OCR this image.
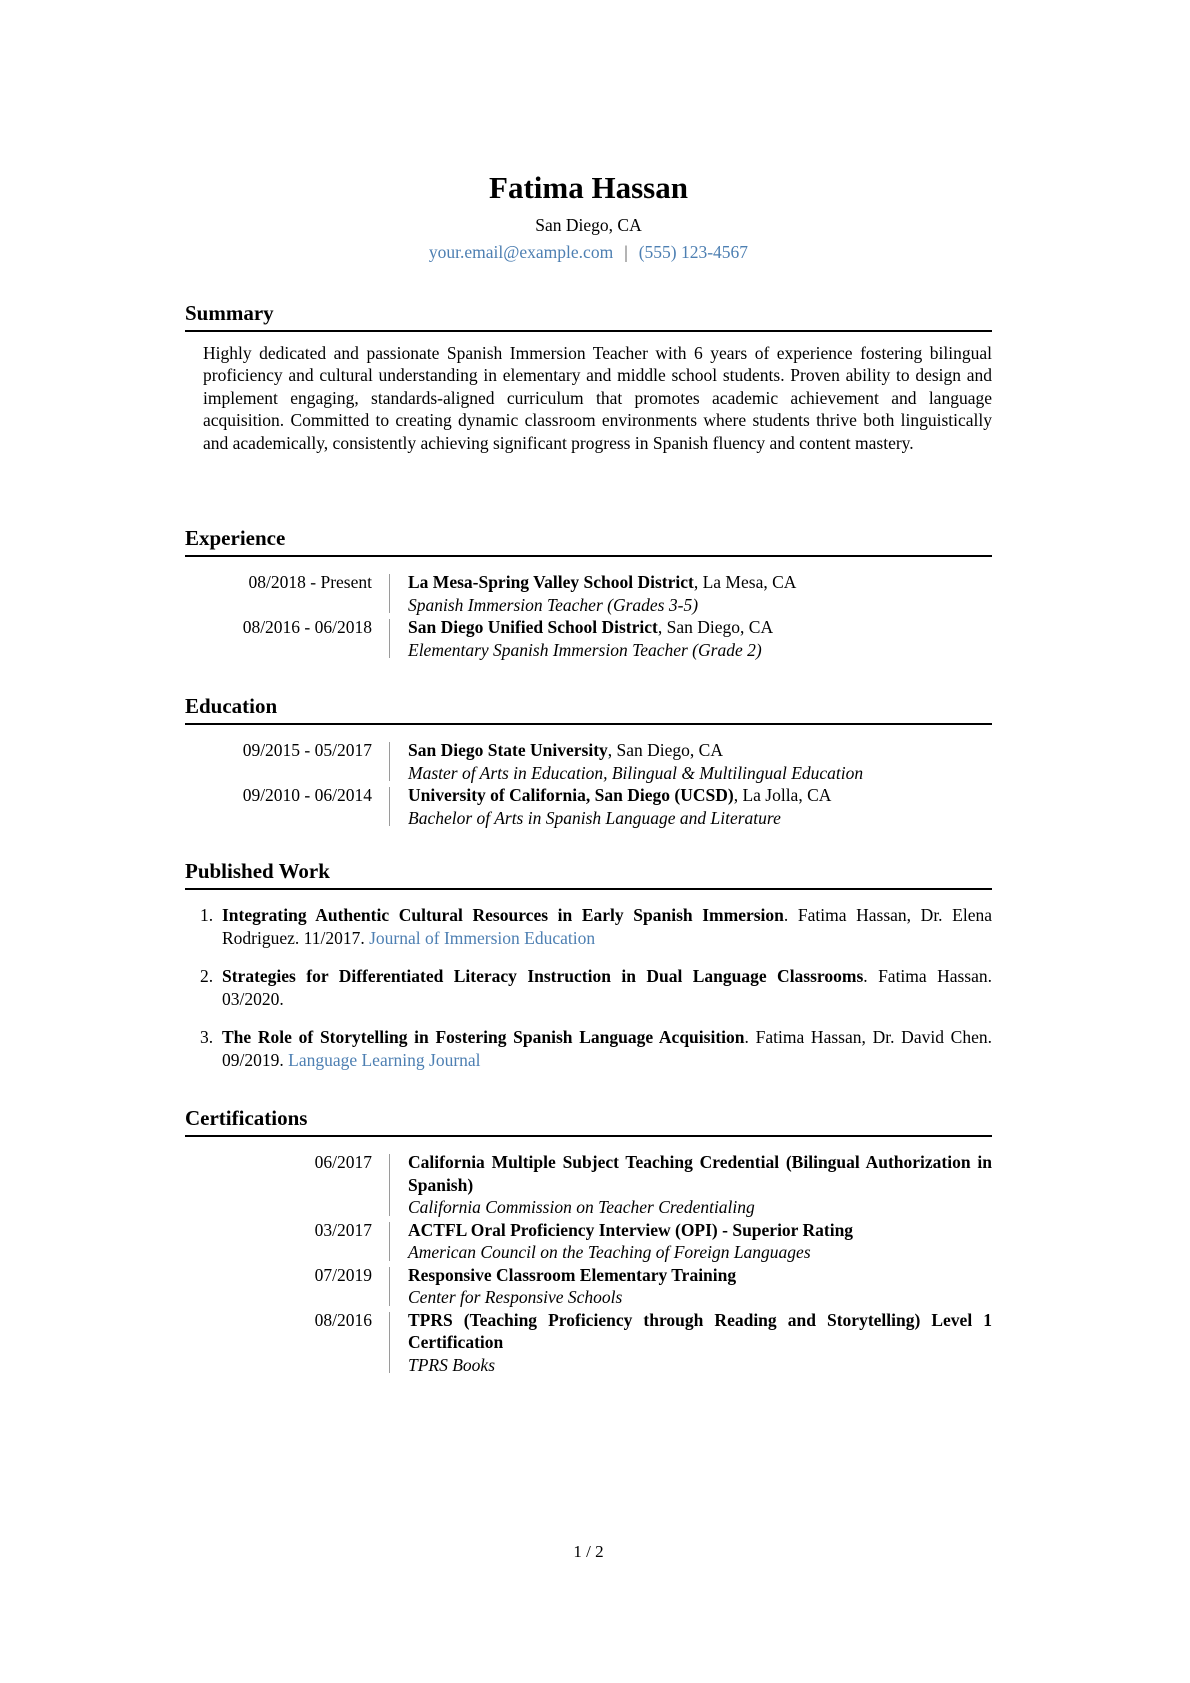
Fatima Hassan
San Diego, CA
your.email@example.com | (555) 123-4567
Summary

Highly dedicated and passionate Spanish Immersion Teacher with 6 years of experience fostering bilingual proficiency and cultural understanding in elementary and middle school students. Proven ability to design and implement engaging, standards-aligned curriculum that promotes academic achievement and language acquisition. Committed to creating dynamic classroom environments where students thrive both linguistically and academically, consistently achieving significant progress in Spanish fluency and content mastery.

Experience
08/2018 - Present La Mesa-Spring Valley School District, La Mesa, CA
Spanish Immersion Teacher (Grades 3-5)
08/2016 - 06/2018 San Diego Unified School District, San Diego, CA
Elementary Spanish Immersion Teacher (Grade 2)
Education
09/2015 - 05/2017 San Diego State University, San Diego, CA
Master of Arts in Education, Bilingual & Multilingual Education
09/2010 - 06/2014 University of California, San Diego (UCSD), La Jolla, CA
Bachelor of Arts in Spanish Language and Literature
Published Work
1. Integrating Authentic Cultural Resources in Early Spanish Immersion. Fatima Hassan, Dr. Elena Rodriguez. 11/2017. Journal of Immersion Education
2. Strategies for Differentiated Literacy Instruction in Dual Language Classrooms. Fatima Hassan. 03/2020.
3. The Role of Storytelling in Fostering Spanish Language Acquisition. Fatima Hassan, Dr. David Chen. 09/2019. Language Learning Journal
Certifications
06/2017 California Multiple Subject Teaching Credential (Bilingual Authorization in Spanish)
California Commission on Teacher Credentialing
03/2017 ACTFL Oral Proficiency Interview (OPI) - Superior Rating
American Council on the Teaching of Foreign Languages
07/2019 Responsive Classroom Elementary Training
Center for Responsive Schools
08/2016 TPRS (Teaching Proficiency through Reading and Storytelling) Level 1 Certification
TPRS Books
1 / 2
